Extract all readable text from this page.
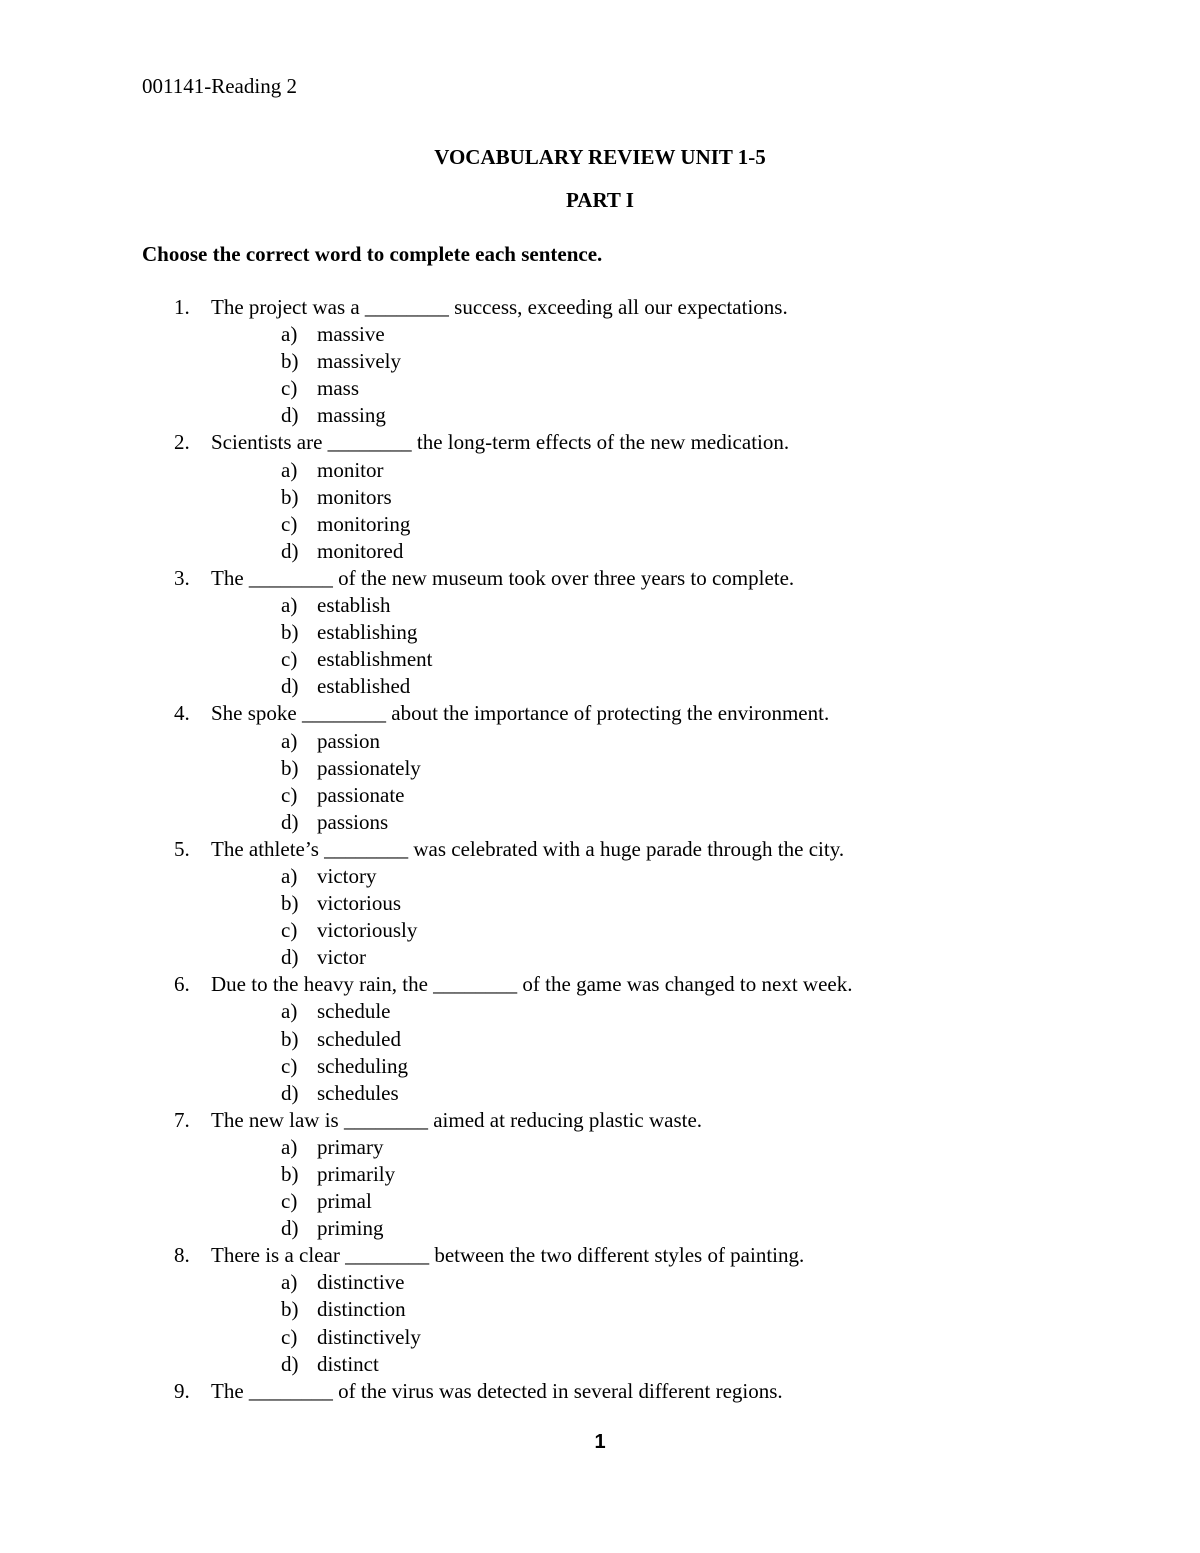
001141-Reading 2
VOCABULARY REVIEW UNIT 1-5
PART I
Choose the correct word to complete each sentence.
1. The project was a ________ success, exceeding all our expectations.
a) massive
b) massively
c) mass
d) massing
2. Scientists are ________ the long-term effects of the new medication.
a) monitor
b) monitors
c) monitoring
d) monitored
3. The ________ of the new museum took over three years to complete.
a) establish
b) establishing
c) establishment
d) established
4. She spoke ________ about the importance of protecting the environment.
a) passion
b) passionately
c) passionate
d) passions
5. The athlete’s ________ was celebrated with a huge parade through the city.
a) victory
b) victorious
c) victoriously
d) victor
6. Due to the heavy rain, the ________ of the game was changed to next week.
a) schedule
b) scheduled
c) scheduling
d) schedules
7. The new law is ________ aimed at reducing plastic waste.
a) primary
b) primarily
c) primal
d) priming
8. There is a clear ________ between the two different styles of painting.
a) distinctive
b) distinction
c) distinctively
d) distinct
9. The ________ of the virus was detected in several different regions.
1
